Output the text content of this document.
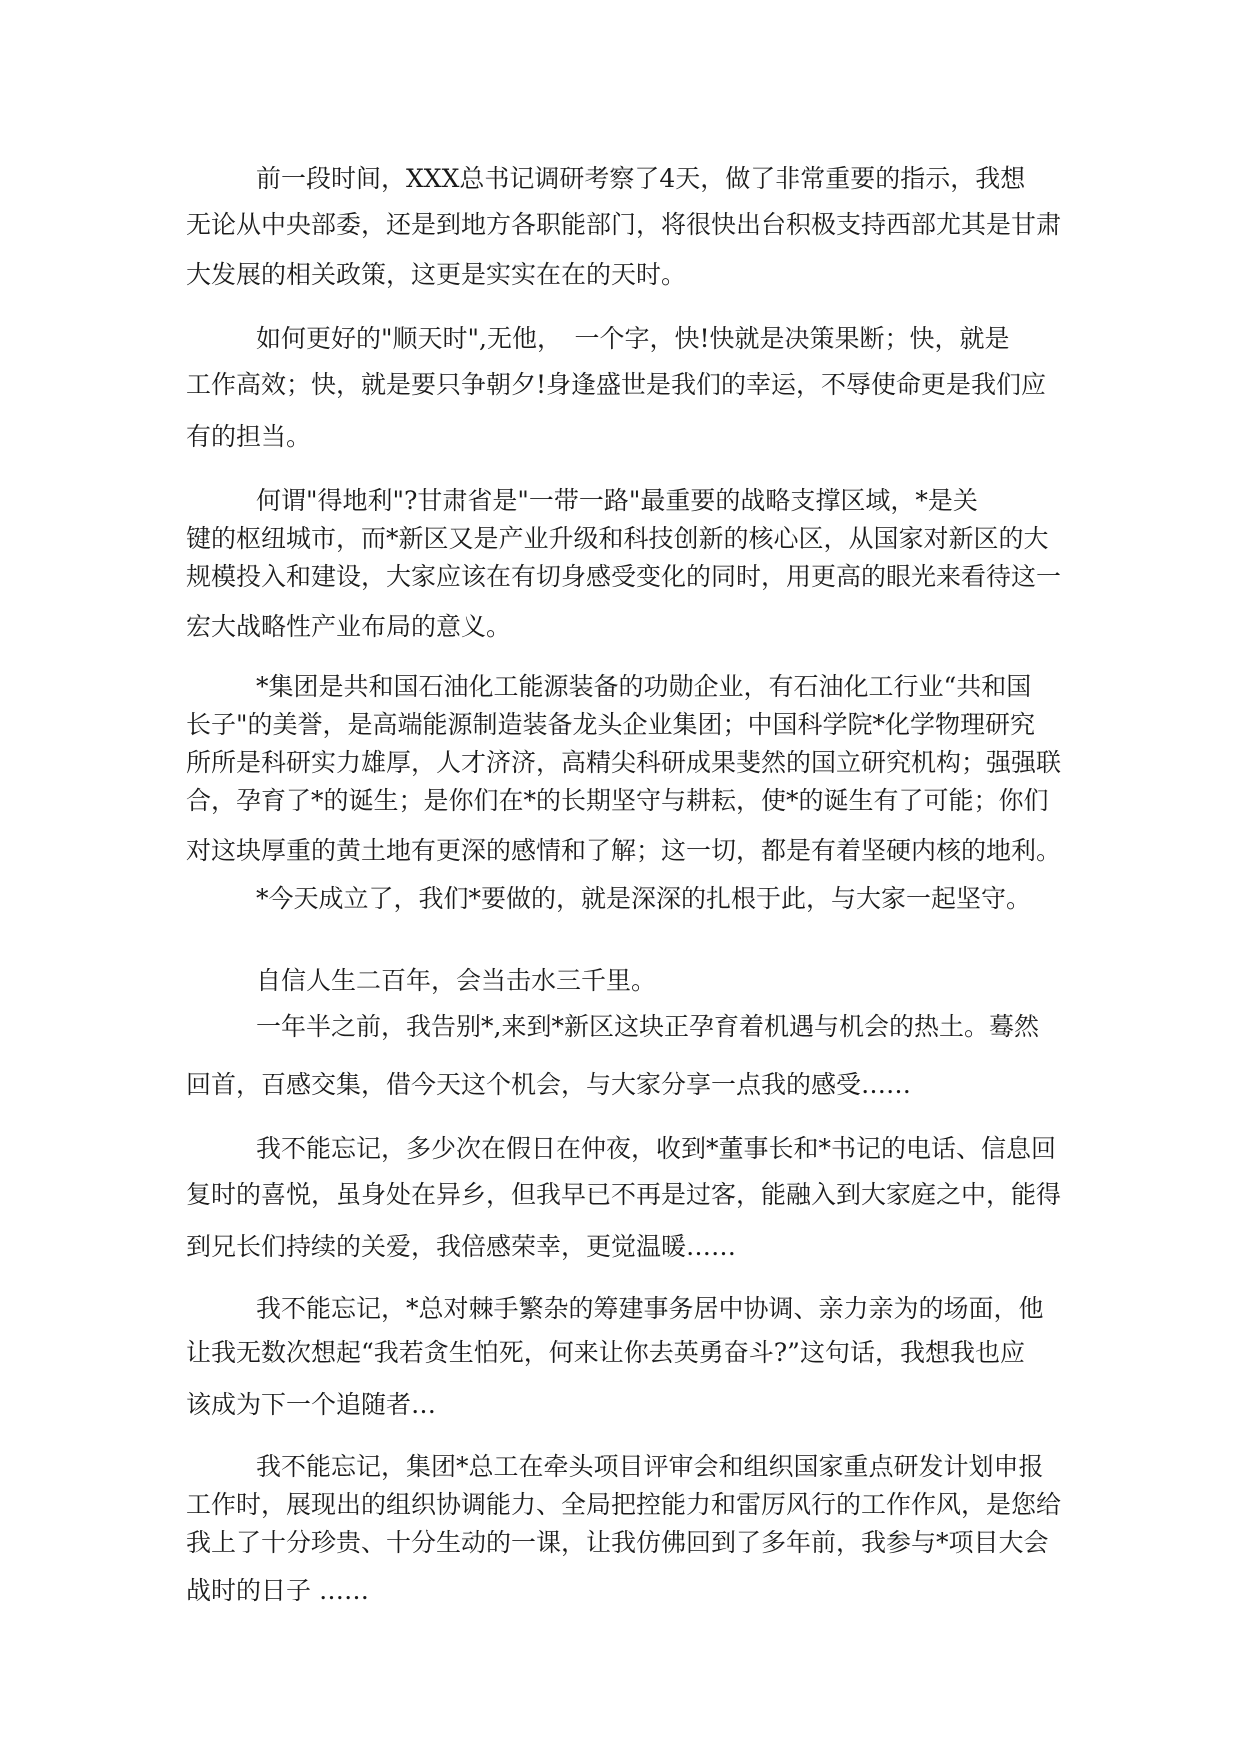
前一段时间，XXX总书记调研考察了4天，做了非常重要的指示，我想
无论从中央部委，还是到地方各职能部门，将很快出台积极支持西部尤其是甘肃
大发展的相关政策，这更是实实在在的天时。
如何更好的"顺天时",无他，　一个字，快!快就是决策果断；快，就是
工作高效；快，就是要只争朝夕!身逢盛世是我们的幸运，不辱使命更是我们应
有的担当。
何谓"得地利"?甘肃省是"一带一路"最重要的战略支撑区域，*是关
键的枢纽城市，而*新区又是产业升级和科技创新的核心区，从国家对新区的大
规模投入和建设，大家应该在有切身感受变化的同时，用更高的眼光来看待这一
宏大战略性产业布局的意义。
*集团是共和国石油化工能源装备的功勋企业，有石油化工行业“共和国
长子"的美誉，是高端能源制造装备龙头企业集团；中国科学院*化学物理研究
所所是科研实力雄厚，人才济济，高精尖科研成果斐然的国立研究机构；强强联
合，孕育了*的诞生；是你们在*的长期坚守与耕耘，使*的诞生有了可能；你们
对这块厚重的黄土地有更深的感情和了解；这一切，都是有着坚硬内核的地利。
*今天成立了，我们*要做的，就是深深的扎根于此，与大家一起坚守。
自信人生二百年，会当击水三千里。
一年半之前，我告别*,来到*新区这块正孕育着机遇与机会的热土。蓦然
回首，百感交集，借今天这个机会，与大家分享一点我的感受……
我不能忘记，多少次在假日在仲夜，收到*董事长和*书记的电话、信息回
复时的喜悦，虽身处在异乡，但我早已不再是过客，能融入到大家庭之中，能得
到兄长们持续的关爱，我倍感荣幸，更觉温暖……
我不能忘记，*总对棘手繁杂的筹建事务居中协调、亲力亲为的场面，他
让我无数次想起“我若贪生怕死，何来让你去英勇奋斗?”这句话，我想我也应
该成为下一个追随者…
我不能忘记，集团*总工在牵头项目评审会和组织国家重点研发计划申报
工作时，展现出的组织协调能力、全局把控能力和雷厉风行的工作作风，是您给
我上了十分珍贵、十分生动的一课，让我仿佛回到了多年前，我参与*项目大会
战时的日子 ……
